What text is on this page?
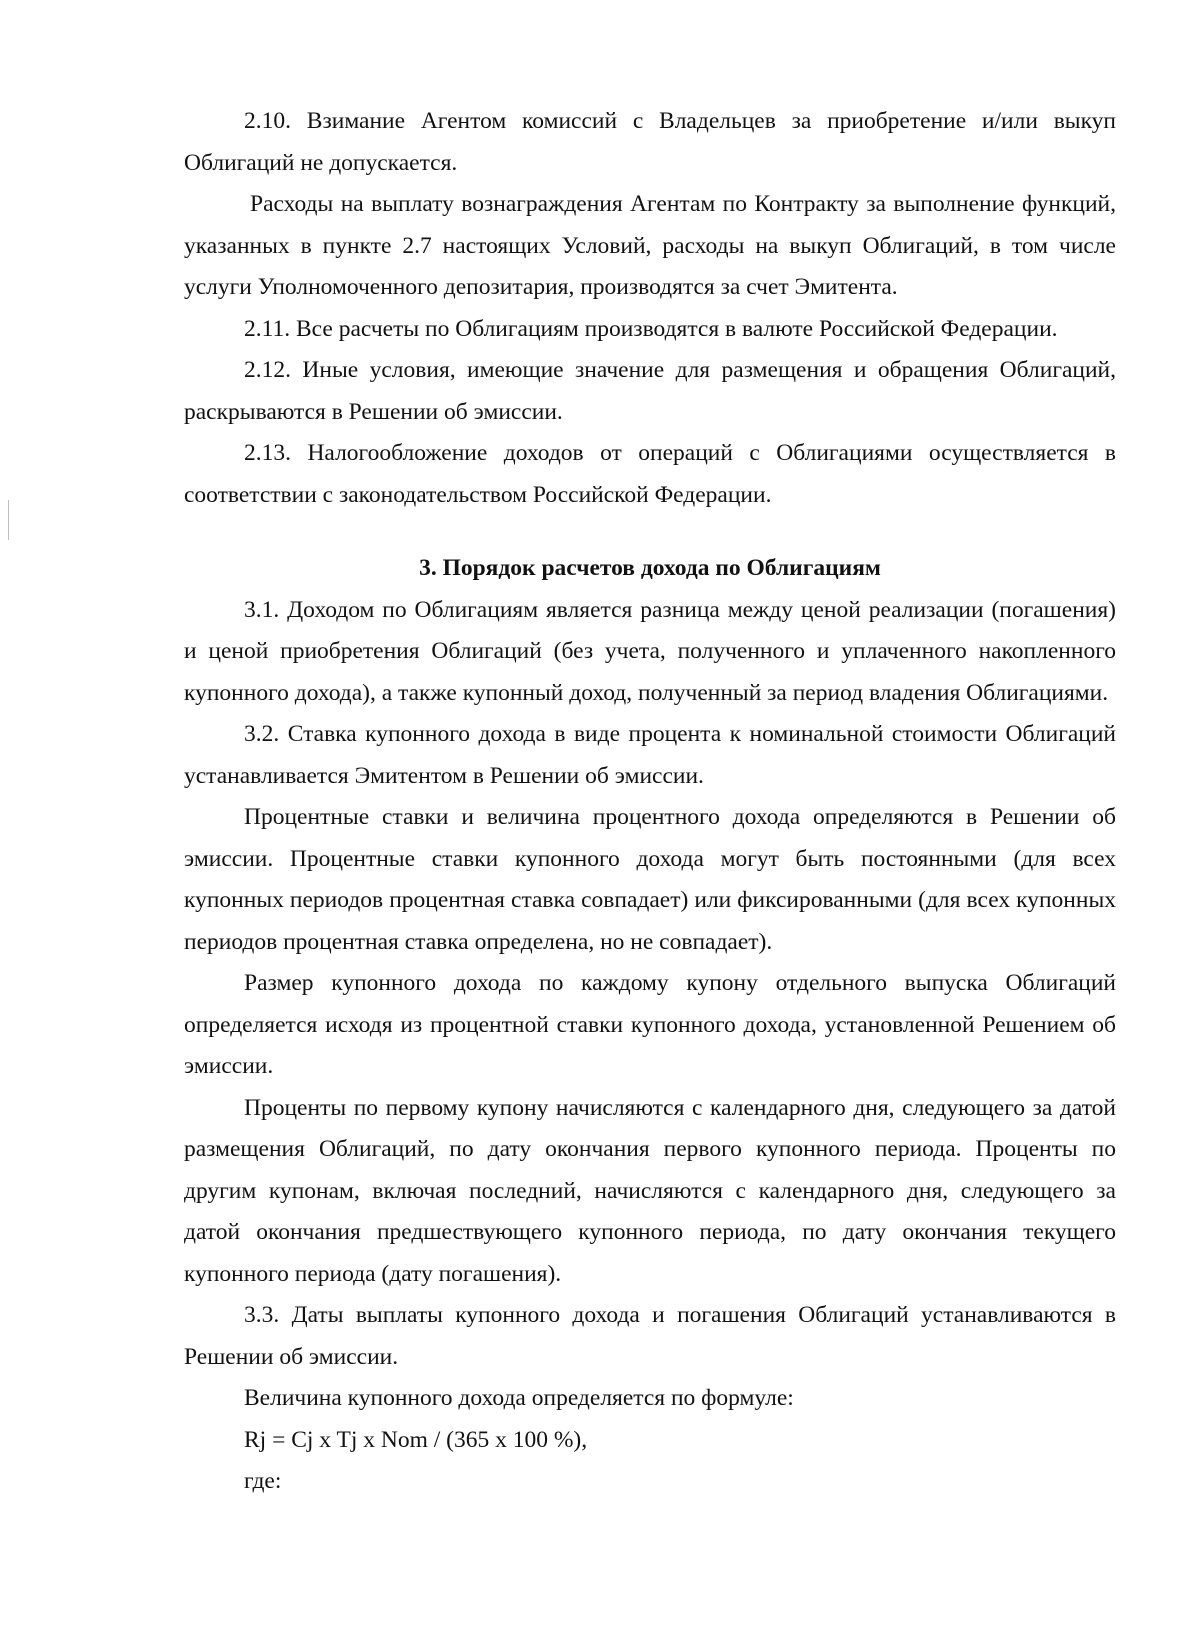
2.10. Взимание Агентом комиссий с Владельцев за приобретение и/или выкуп Облигаций не допускается.

Расходы на выплату вознаграждения Агентам по Контракту за выполнение функций, указанных в пункте 2.7 настоящих Условий, расходы на выкуп Облигаций, в том числе услуги Уполномоченного депозитария, производятся за счет Эмитента.

2.11. Все расчеты по Облигациям производятся в валюте Российской Федерации.

2.12. Иные условия, имеющие значение для размещения и обращения Облигаций, раскрываются в Решении об эмиссии.

2.13. Налогообложение доходов от операций с Облигациями осуществляется в соответствии с законодательством Российской Федерации.

3. Порядок расчетов дохода по Облигациям

3.1. Доходом по Облигациям является разница между ценой реализации (погашения) и ценой приобретения Облигаций (без учета, полученного и уплаченного накопленного купонного дохода), а также купонный доход, полученный за период владения Облигациями.

3.2. Ставка купонного дохода в виде процента к номинальной стоимости Облигаций устанавливается Эмитентом в Решении об эмиссии.

Процентные ставки и величина процентного дохода определяются в Решении об эмиссии. Процентные ставки купонного дохода могут быть постоянными (для всех купонных периодов процентная ставка совпадает) или фиксированными (для всех купонных периодов процентная ставка определена, но не совпадает).

Размер купонного дохода по каждому купону отдельного выпуска Облигаций определяется исходя из процентной ставки купонного дохода, установленной Решением об эмиссии.

Проценты по первому купону начисляются с календарного дня, следующего за датой размещения Облигаций, по дату окончания первого купонного периода. Проценты по другим купонам, включая последний, начисляются с календарного дня, следующего за датой окончания предшествующего купонного периода, по дату окончания текущего купонного периода (дату погашения).

3.3. Даты выплаты купонного дохода и погашения Облигаций устанавливаются в Решении об эмиссии.

Величина купонного дохода определяется по формуле:

Rj = Cj x Tj x Nom / (365 x 100 %),

где:
